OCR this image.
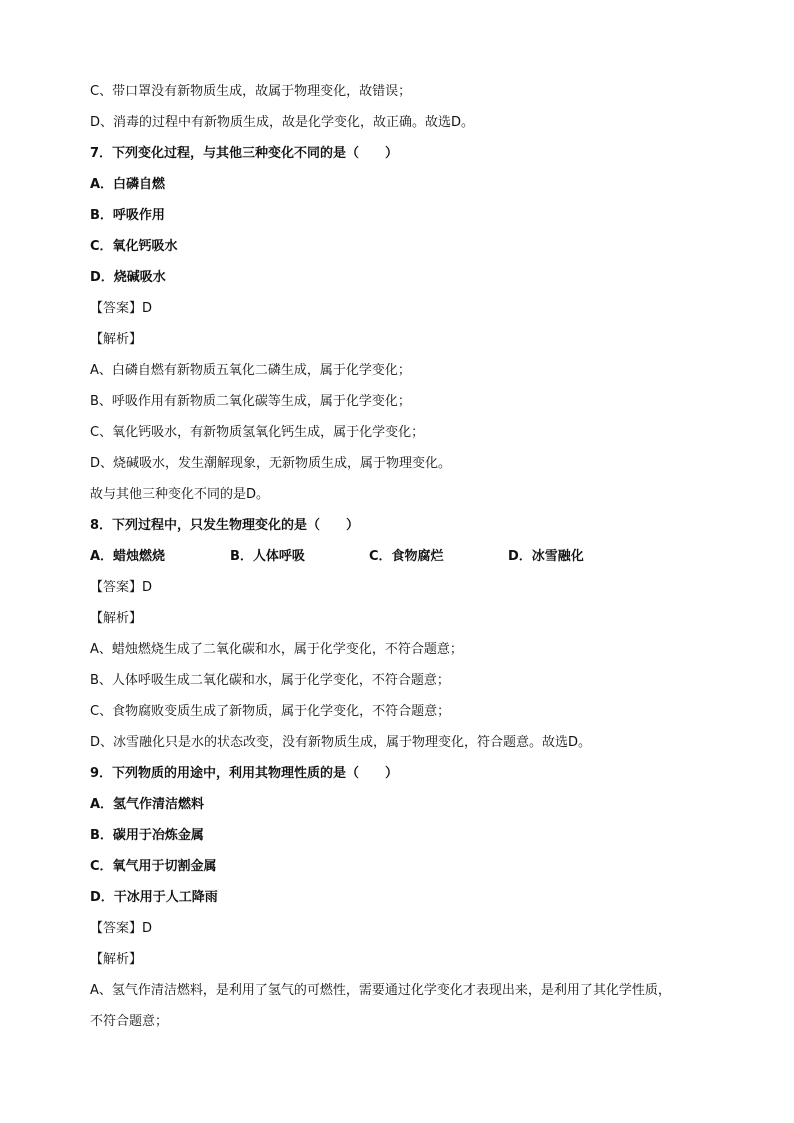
C、带口罩没有新物质生成，故属于物理变化，故错误；
D、消毒的过程中有新物质生成，故是化学变化，故正确。故选D。
7．下列变化过程，与其他三种变化不同的是（　　）
A．白磷自燃
B．呼吸作用
C．氧化钙吸水
D．烧碱吸水
【答案】D
【解析】
A、白磷自燃有新物质五氧化二磷生成，属于化学变化；
B、呼吸作用有新物质二氧化碳等生成，属于化学变化；
C、氧化钙吸水，有新物质氢氧化钙生成，属于化学变化；
D、烧碱吸水，发生潮解现象，无新物质生成，属于物理变化。
故与其他三种变化不同的是D。
8．下列过程中，只发生物理变化的是（　　）
A．蜡烛燃烧	B．人体呼吸	C．食物腐烂	D．冰雪融化
【答案】D
【解析】
A、蜡烛燃烧生成了二氧化碳和水，属于化学变化，不符合题意；
B、人体呼吸生成二氧化碳和水，属于化学变化，不符合题意；
C、食物腐败变质生成了新物质，属于化学变化，不符合题意；
D、冰雪融化只是水的状态改变，没有新物质生成，属于物理变化，符合题意。故选D。
9．下列物质的用途中，利用其物理性质的是（　　）
A．氢气作清洁燃料
B．碳用于冶炼金属
C．氧气用于切割金属
D．干冰用于人工降雨
【答案】D
【解析】
A、氢气作清洁燃料，是利用了氢气的可燃性，需要通过化学变化才表现出来，是利用了其化学性质，
不符合题意；
